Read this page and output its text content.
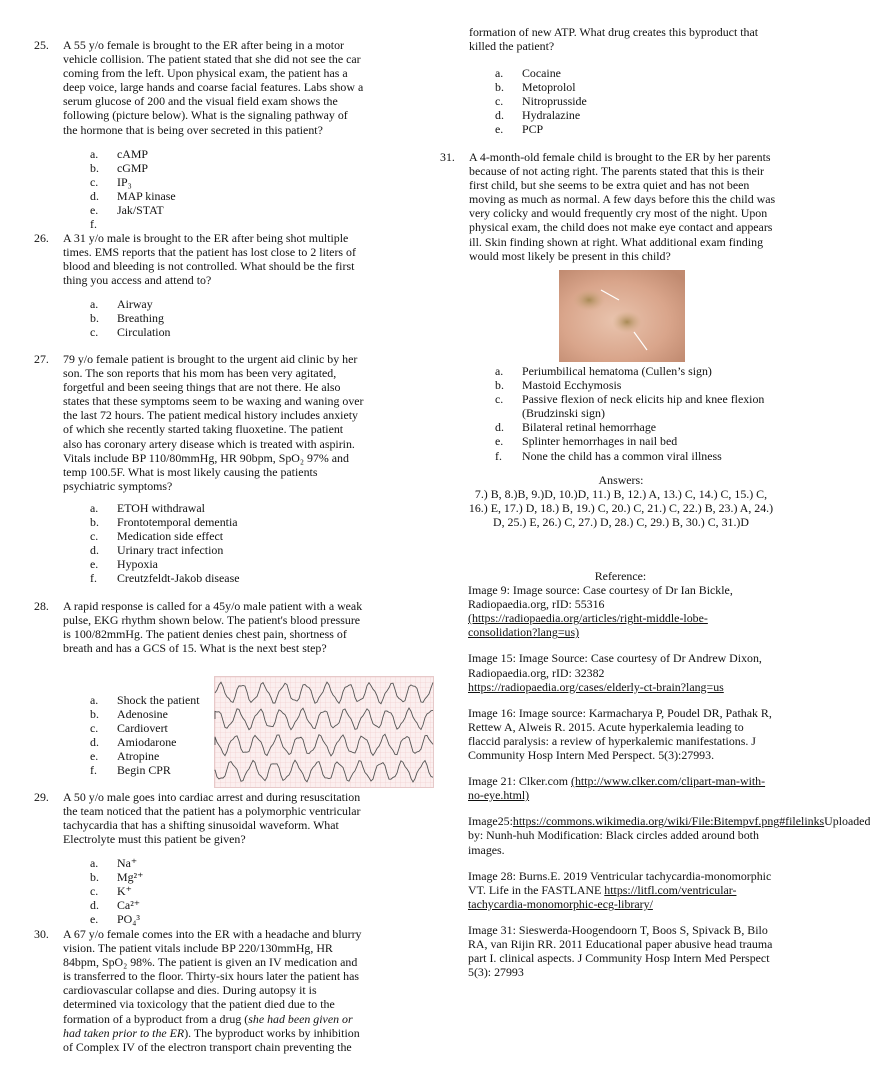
25. A 55 y/o female is brought to the ER after being in a motor vehicle collision. The patient stated that she did not see the car coming from the left. Upon physical exam, the patient has a deep voice, large hands and coarse facial features. Labs show a serum glucose of 200 and the visual field exam shows the following (picture below). What is the signaling pathway of the hormone that is being over secreted in this patient?
a.	cAMP
b.	cGMP
c.	IP₃
d.	MAP kinase
e.	Jak/STAT
f.
26. A 31 y/o male is brought to the ER after being shot multiple times. EMS reports that the patient has lost close to 2 liters of blood and bleeding is not controlled. What should be the first thing you access and attend to?
a.	Airway
b.	Breathing
c.	Circulation
27. 79 y/o female patient is brought to the urgent aid clinic by her son. The son reports that his mom has been very agitated, forgetful and been seeing things that are not there. He also states that these symptoms seem to be waxing and waning over the last 72 hours. The patient medical history includes anxiety of which she recently started taking fluoxetine. The patient also has coronary artery disease which is treated with aspirin. Vitals include BP 110/80mmHg, HR 90bpm, SpO₂ 97% and temp 100.5F. What is most likely causing the patients psychiatric symptoms?
a.	ETOH withdrawal
b.	Frontotemporal dementia
c.	Medication side effect
d.	Urinary tract infection
e.	Hypoxia
f.	Creutzfeldt-Jakob disease
28. A rapid response is called for a 45y/o male patient with a weak pulse, EKG rhythm shown below. The patient's blood pressure is 100/82mmHg. The patient denies chest pain, shortness of breath and has a GCS of 15. What is the next best step?
a.	Shock the patient
b.	Adenosine
c.	Cardiovert
d.	Amiodarone
e.	Atropine
f.	Begin CPR
29. A 50 y/o male goes into cardiac arrest and during resuscitation the team noticed that the patient has a polymorphic ventricular tachycardia that has a shifting sinusoidal waveform. What Electrolyte must this patient be given?
a.	Na⁺
b.	Mg²⁺
c.	K⁺
d.	Ca²⁺
e.	PO₄³
30. A 67 y/o female comes into the ER with a headache and blurry vision. The patient vitals include BP 220/130mmHg, HR 84bpm, SpO₂ 98%. The patient is given an IV medication and is transferred to the floor. Thirty-six hours later the patient has cardiovascular collapse and dies. During autopsy it is determined via toxicology that the patient died due to the formation of a byproduct from a drug (she had been given or had taken prior to the ER). The byproduct works by inhibition of Complex IV of the electron transport chain preventing the
formation of new ATP. What drug creates this byproduct that killed the patient?
a.	Cocaine
b.	Metoprolol
c.	Nitroprusside
d.	Hydralazine
e.	PCP
31. A 4-month-old female child is brought to the ER by her parents because of not acting right. The parents stated that this is their first child, but she seems to be extra quiet and has not been moving as much as normal. A few days before this the child was very colicky and would frequently cry most of the night. Upon physical exam, the child does not make eye contact and appears ill. Skin finding shown at right. What additional exam finding would most likely be present in this child?
a.	Periumbilical hematoma (Cullen’s sign)
b.	Mastoid Ecchymosis
c.	Passive flexion of neck elicits hip and knee flexion (Brudzinski sign)
d.	Bilateral retinal hemorrhage
e.	Splinter hemorrhages in nail bed
f.	None the child has a common viral illness
Answers:
7.) B, 8.)B, 9.)D, 10.)D, 11.) B, 12.) A, 13.) C, 14.) C, 15.) C, 16.) E, 17.) D, 18.) B, 19.) C, 20.) C, 21.) C, 22.) B, 23.) A, 24.) D, 25.) E, 26.) C, 27.) D, 28.) C, 29.) B, 30.) C, 31.)D
Reference:

Image 9: Image source: Case courtesy of Dr Ian Bickle, Radiopaedia.org, rID: 55316 (https://radiopaedia.org/articles/right-middle-lobe-consolidation?lang=us)

Image 15: Image Source: Case courtesy of Dr Andrew Dixon, Radiopaedia.org, rID: 32382 https://radiopaedia.org/cases/elderly-ct-brain?lang=us

Image 16: Image source: Karmacharya P, Poudel DR, Pathak R, Rettew A, Alweis R. 2015. Acute hyperkalemia leading to flaccid paralysis: a review of hyperkalemic manifestations. J Community Hosp Intern Med Perspect. 5(3):27993.

Image 21: Clker.com (http://www.clker.com/clipart-man-with-no-eye.html)

Image25:https://commons.wikimedia.org/wiki/File:Bitempvf.png#filelinksUploaded by: Nunh-huh Modification: Black circles added around both images.

Image 28: Burns.E. 2019 Ventricular tachycardia-monomorphic VT. Life in the FASTLANE https://litfl.com/ventricular-tachycardia-monomorphic-ecg-library/

Image 31: Sieswerda-Hoogendoorn T, Boos S, Spivack B, Bilo RA, van Rijin RR. 2011 Educational paper abusive head trauma part I. clinical aspects. J Community Hosp Intern Med Perspect 5(3): 27993
